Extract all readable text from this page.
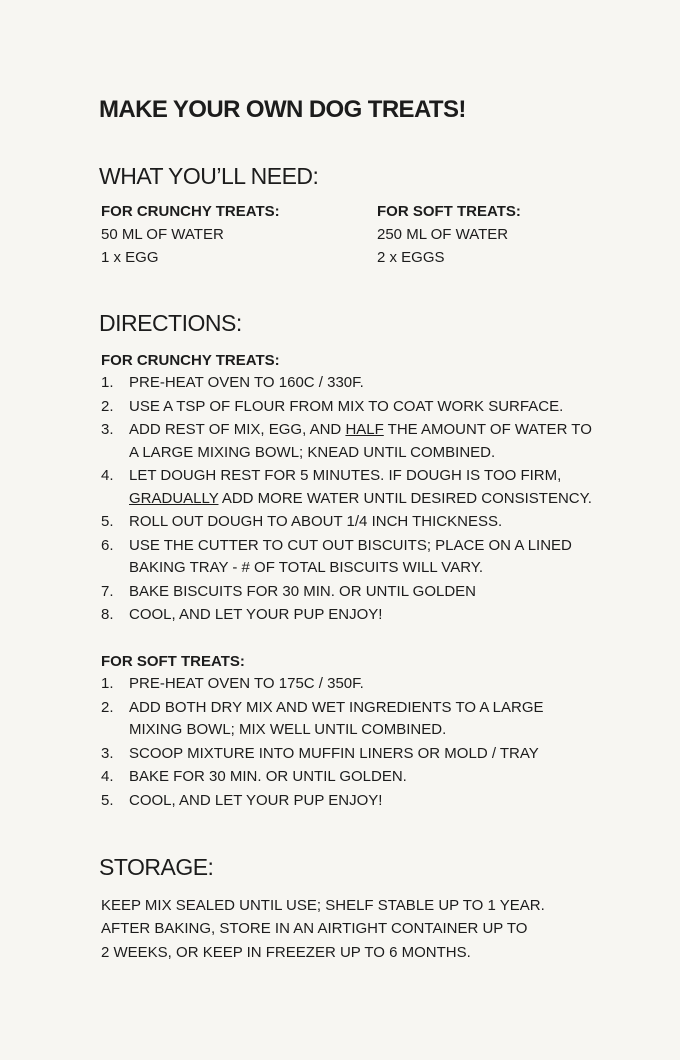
MAKE YOUR OWN DOG TREATS!
WHAT YOU’LL NEED:

FOR CRUNCHY TREATS:

50 ML OF WATER

1 x EGG

FOR SOFT TREATS:

250 ML OF WATER

2 x EGGS

DIRECTIONS:

FOR CRUNCHY TREATS:

1. PRE-HEAT OVEN TO 160C / 330F.
2. USE A TSP OF FLOUR FROM MIX TO COAT WORK SURFACE.
3. ADD REST OF MIX, EGG, AND HALF THE AMOUNT OF WATER TO A LARGE MIXING BOWL; KNEAD UNTIL COMBINED.
4. LET DOUGH REST FOR 5 MINUTES. IF DOUGH IS TOO FIRM, GRADUALLY ADD MORE WATER UNTIL DESIRED CONSISTENCY.
5. ROLL OUT DOUGH TO ABOUT 1/4 INCH THICKNESS.
6. USE THE CUTTER TO CUT OUT BISCUITS; PLACE ON A LINED BAKING TRAY - # OF TOTAL BISCUITS WILL VARY.
7. BAKE BISCUITS FOR 30 MIN. OR UNTIL GOLDEN
8. COOL, AND LET YOUR PUP ENJOY!

FOR SOFT TREATS:

1. PRE-HEAT OVEN TO 175C / 350F.
2. ADD BOTH DRY MIX AND WET INGREDIENTS TO A LARGE MIXING BOWL; MIX WELL UNTIL COMBINED.
3. SCOOP MIXTURE INTO MUFFIN LINERS OR MOLD / TRAY
4. BAKE FOR 30 MIN. OR UNTIL GOLDEN.
5. COOL, AND LET YOUR PUP ENJOY!
STORAGE:

KEEP MIX SEALED UNTIL USE; SHELF STABLE UP TO 1 YEAR.

AFTER BAKING, STORE IN AN AIRTIGHT CONTAINER UP TO

2 WEEKS, OR KEEP IN FREEZER UP TO 6 MONTHS.
